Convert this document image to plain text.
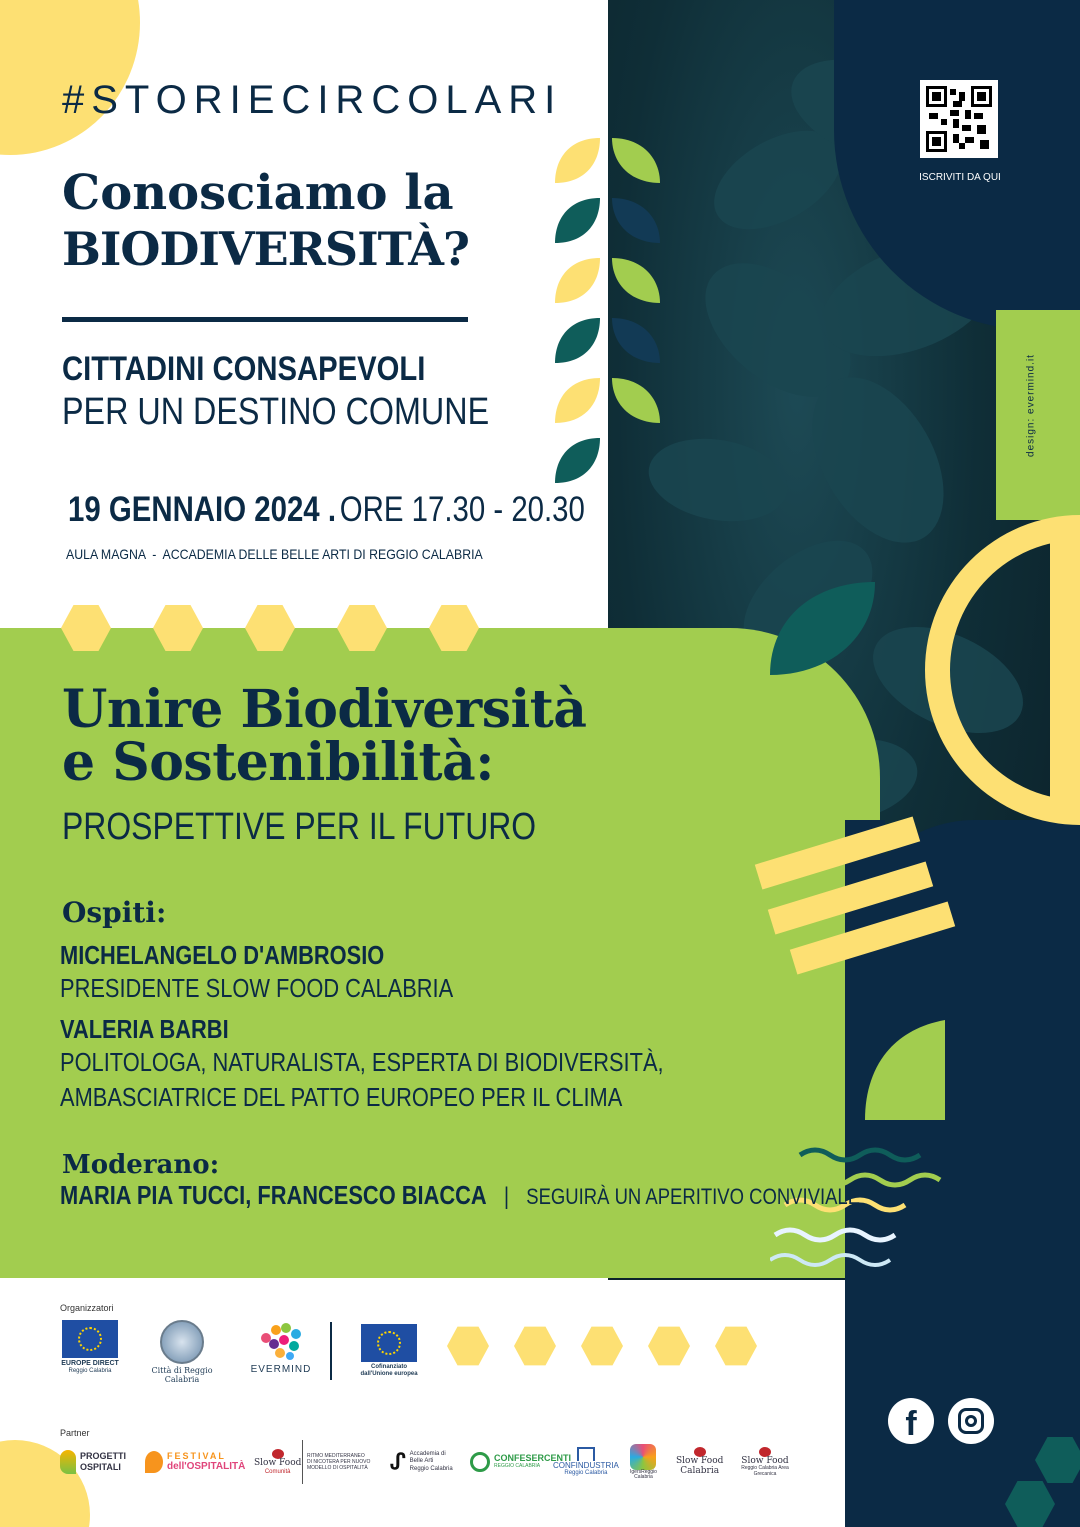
design: evermind.it
ISCRIVITI DA QUI
#STORIECIRCOLARI
Conosciamo la
BIODIVERSITÀ?
CITTADINI CONSAPEVOLI
PER UN DESTINO COMUNE
19 GENNAIO 2024 . ORE 17.30 - 20.30
AULA MAGNA  -  ACCADEMIA DELLE BELLE ARTI DI REGGIO CALABRIA
Unire Biodiversità
e Sostenibilità:
PROSPETTIVE PER IL FUTURO
Ospiti:
MICHELANGELO D'AMBROSIO
PRESIDENTE SLOW FOOD CALABRIA
VALERIA BARBI
POLITOLOGA, NATURALISTA, ESPERTA DI BIODIVERSITÀ,
AMBASCIATRICE DEL PATTO EUROPEO PER IL CLIMA
Moderano:
MARIA PIA TUCCI, FRANCESCO BIACCA | SEGUIRÀ UN APERITIVO CONVIVIALE
Organizzatori
EUROPE DIRECT
Reggio Calabria	Città di Reggio Calabria
EVERMIND	Cofinanziato
dall'Unione europea
f
Partner
PROGETTI
OSPITALI
FESTIVAL
dell'OSPITALITÀ Slow Food
Comunità
RITMO MEDITERRANEO
DI NICOTERA PER NUOVO MODELLO DI OSPITALITÀ ᔑ Accademia di Belle Arti
Reggio Calabria
CONFESERCENTI
REGGIO CALABRIA	CONFINDUSTRIA
Reggio Calabria	IgersReggio
Calabria
Slow Food
Calabria
Slow Food
Reggio Calabria Area Grecanica
